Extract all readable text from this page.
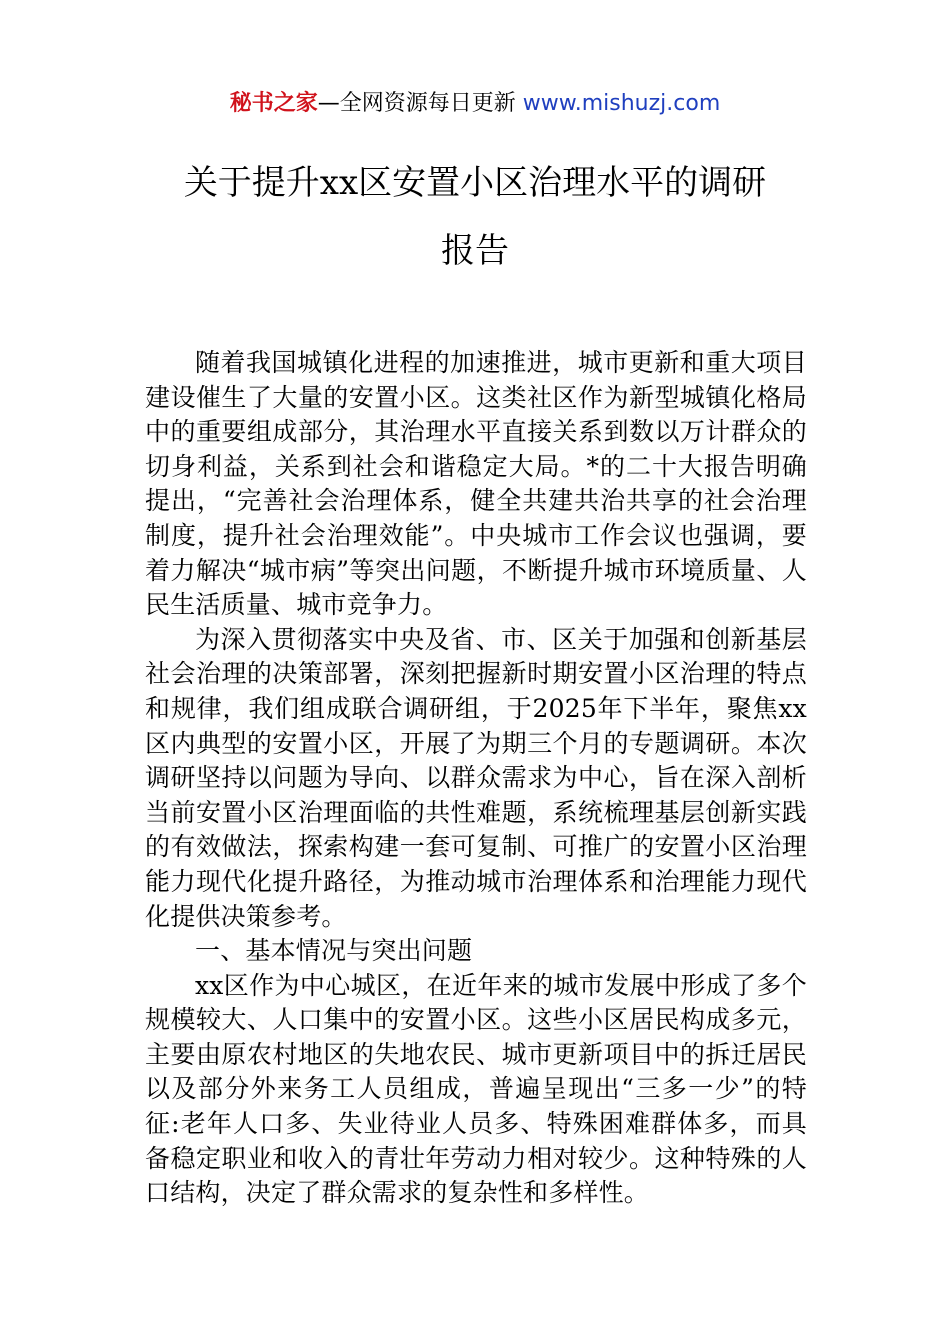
秘书之家—全网资源每日更新 www.mishuzj.com
关于提升xx区安置小区治理水平的调研
报告

随着我国城镇化进程的加速推进，城市更新和重大项目建设催生了大量的安置小区。这类社区作为新型城镇化格局中的重要组成部分，其治理水平直接关系到数以万计群众的切身利益，关系到社会和谐稳定大局。*的二十大报告明确提出，“完善社会治理体系，健全共建共治共享的社会治理制度，提升社会治理效能”。中央城市工作会议也强调，要着力解决“城市病”等突出问题，不断提升城市环境质量、人民生活质量、城市竞争力。

为深入贯彻落实中央及省、市、区关于加强和创新基层社会治理的决策部署，深刻把握新时期安置小区治理的特点和规律，我们组成联合调研组，于2025年下半年，聚焦xx区内典型的安置小区，开展了为期三个月的专题调研。本次调研坚持以问题为导向、以群众需求为中心，旨在深入剖析当前安置小区治理面临的共性难题，系统梳理基层创新实践的有效做法，探索构建一套可复制、可推广的安置小区治理能力现代化提升路径，为推动城市治理体系和治理能力现代化提供决策参考。

一、基本情况与突出问题

xx区作为中心城区，在近年来的城市发展中形成了多个规模较大、人口集中的安置小区。这些小区居民构成多元，主要由原农村地区的失地农民、城市更新项目中的拆迁居民以及部分外来务工人员组成，普遍呈现出“三多一少”的特征:老年人口多、失业待业人员多、特殊困难群体多，而具备稳定职业和收入的青壮年劳动力相对较少。这种特殊的人口结构，决定了群众需求的复杂性和多样性。
